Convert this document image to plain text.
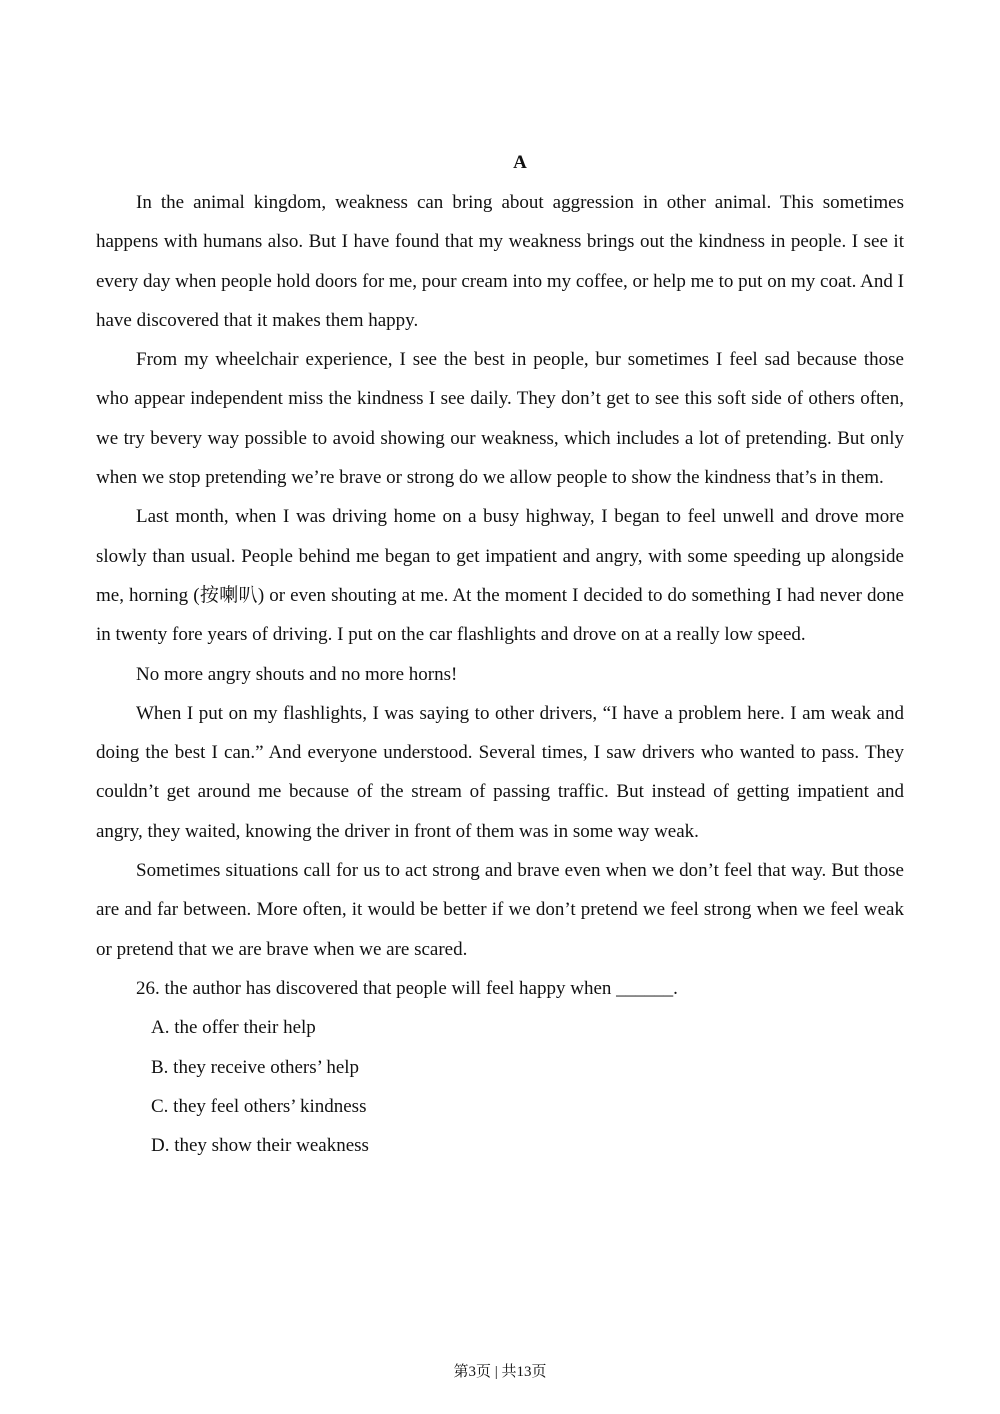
A

In the animal kingdom, weakness can bring about aggression in other animal. This sometimes happens with humans also. But I have found that my weakness brings out the kindness in people. I see it every day when people hold doors for me, pour cream into my coffee, or help me to put on my coat. And I have discovered that it makes them happy.

From my wheelchair experience, I see the best in people, bur sometimes I feel sad because those who appear independent miss the kindness I see daily. They don’t get to see this soft side of others often, we try bevery way possible to avoid showing our weakness, which includes a lot of pretending. But only when we stop pretending we’re brave or strong do we allow people to show the kindness that’s in them.

Last month, when I was driving home on a busy highway, I began to feel unwell and drove more slowly than usual. People behind me began to get impatient and angry, with some speeding up alongside me, horning (按喇叭) or even shouting at me. At the moment I decided to do something I had never done in twenty fore years of driving. I put on the car flashlights and drove on at a really low speed.

No more angry shouts and no more horns!

When I put on my flashlights, I was saying to other drivers, “I have a problem here. I am weak and doing the best I can.” And everyone understood. Several times, I saw drivers who wanted to pass. They couldn’t get around me because of the stream of passing traffic. But instead of getting impatient and angry, they waited, knowing the driver in front of them was in some way weak.

Sometimes situations call for us to act strong and brave even when we don’t feel that way. But those are and far between. More often, it would be better if we don’t pretend we feel strong when we feel weak or pretend that we are brave when we are scared.

26. the author has discovered that people will feel happy when ______.

A. the offer their help

B. they receive others’ help

C. they feel others’ kindness

D. they show their weakness

第3页 | 共13页
